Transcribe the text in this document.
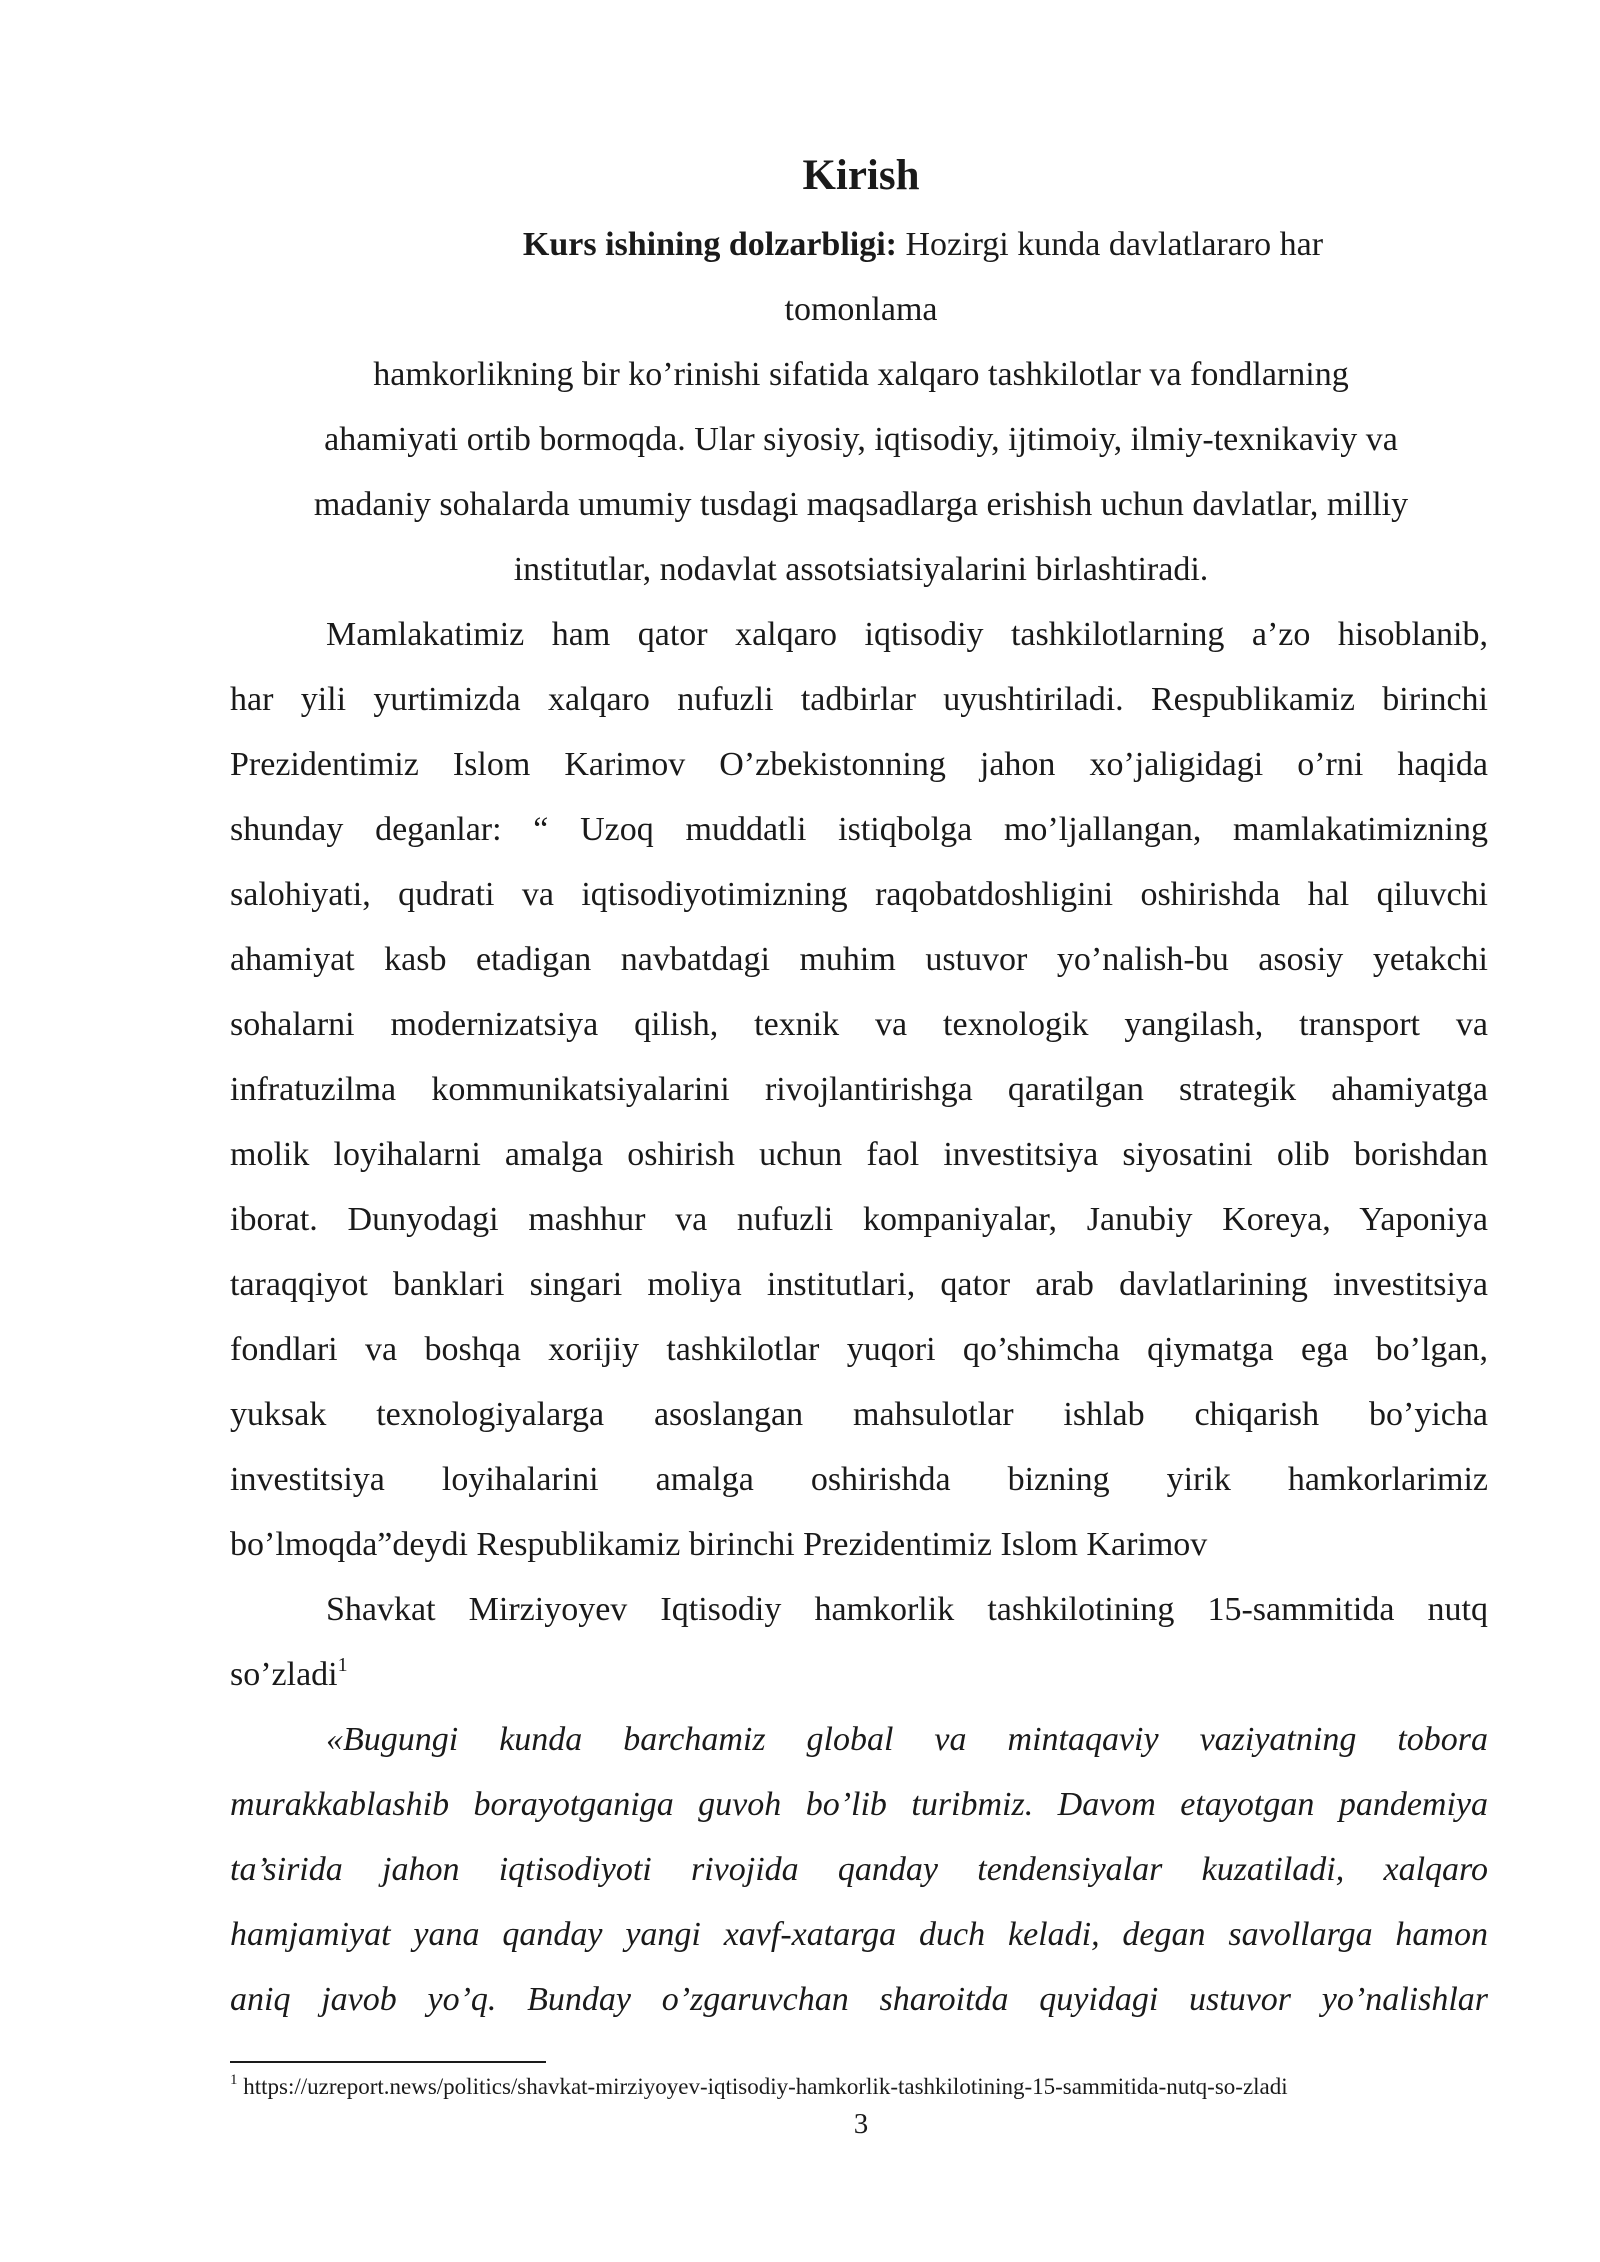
Kirish
Kurs ishining dolzarbligi: Hozirgi kunda davlatlararo har
tomonlama
hamkorlikning bir ko’rinishi sifatida xalqaro tashkilotlar va fondlarning
ahamiyati ortib bormoqda. Ular siyosiy, iqtisodiy, ijtimoiy, ilmiy-texnikaviy va
madaniy sohalarda umumiy tusdagi maqsadlarga erishish uchun davlatlar, milliy
institutlar, nodavlat assotsiatsiyalarini birlashtiradi.
Mamlakatimiz ham qator xalqaro iqtisodiy tashkilotlarning a’zo hisoblanib,
har yili yurtimizda xalqaro nufuzli tadbirlar uyushtiriladi. Respublikamiz birinchi
Prezidentimiz Islom Karimov O’zbekistonning jahon xo’jaligidagi o’rni haqida
shunday deganlar: “ Uzoq muddatli istiqbolga mo’ljallangan, mamlakatimizning
salohiyati, qudrati va iqtisodiyotimizning raqobatdoshligini oshirishda hal qiluvchi
ahamiyat kasb etadigan navbatdagi muhim ustuvor yo’nalish-bu asosiy yetakchi
sohalarni modernizatsiya qilish, texnik va texnologik yangilash, transport va
infratuzilma kommunikatsiyalarini rivojlantirishga qaratilgan strategik ahamiyatga
molik loyihalarni amalga oshirish uchun faol investitsiya siyosatini olib borishdan
iborat. Dunyodagi mashhur va nufuzli kompaniyalar, Janubiy Koreya, Yaponiya
taraqqiyot banklari singari moliya institutlari, qator arab davlatlarining investitsiya
fondlari va boshqa xorijiy tashkilotlar yuqori qo’shimcha qiymatga ega bo’lgan,
yuksak texnologiyalarga asoslangan mahsulotlar ishlab chiqarish bo’yicha
investitsiya loyihalarini amalga oshirishda bizning yirik hamkorlarimiz
bo’lmoqda”deydi Respublikamiz birinchi Prezidentimiz Islom Karimov
Shavkat Mirziyoyev Iqtisodiy hamkorlik tashkilotining 15-sammitida nutq
so’zladi$^1$
«Bugungi kunda barchamiz global va mintaqaviy vaziyatning tobora
murakkablashib borayotganiga guvoh bo’lib turibmiz. Davom etayotgan pandemiya
ta’sirida jahon iqtisodiyoti rivojida qanday tendensiyalar kuzatiladi, xalqaro
hamjamiyat yana qanday yangi xavf-xatarga duch keladi, degan savollarga hamon
aniq javob yo’q. Bunday o’zgaruvchan sharoitda quyidagi ustuvor yo’nalishlar
$^1$ https://uzreport.news/politics/shavkat-mirziyoyev-iqtisodiy-hamkorlik-tashkilotining-15-sammitida-nutq-so-zladi
3
